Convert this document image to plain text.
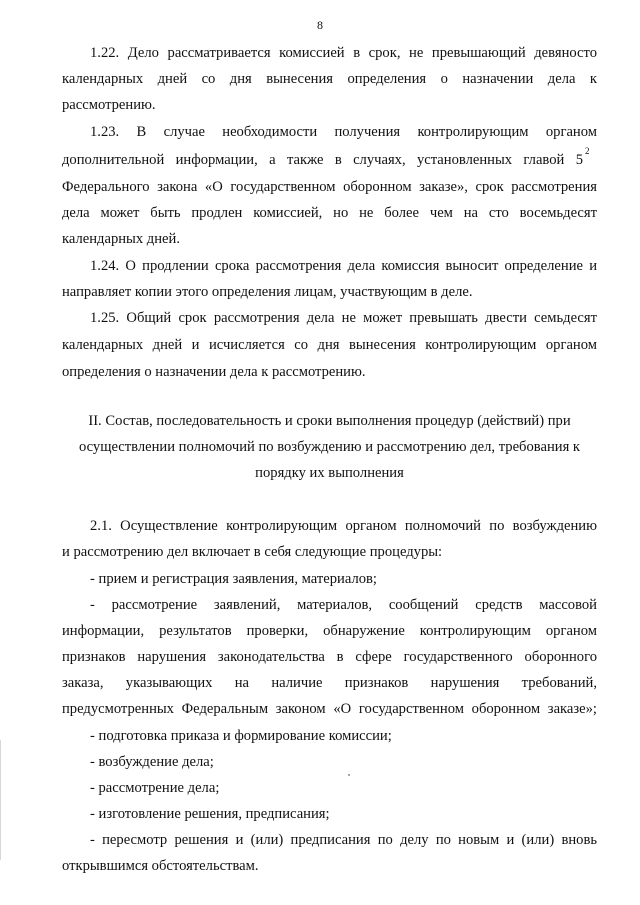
8
1.22. Дело рассматривается комиссией в срок, не превышающий девяносто
календарных дней со дня вынесения определения о назначении дела к
рассмотрению.
1.23. В случае необходимости получения контролирующим органом
дополнительной информации, а также в случаях, установленных главой 5
2
Федерального закона «О государственном оборонном заказе», срок рассмотрения
дела может быть продлен комиссией, но не более чем на сто восемьдесят
календарных дней.
1.24. О продлении срока рассмотрения дела комиссия выносит определение и
направляет копии этого определения лицам, участвующим в деле.
1.25. Общий срок рассмотрения дела не может превышать двести семьдесят
календарных дней и исчисляется со дня вынесения контролирующим органом
определения о назначении дела к рассмотрению.
II. Состав, последовательность и сроки выполнения процедур (действий) при
осуществлении полномочий по возбуждению и рассмотрению дел, требования к
порядку их выполнения
2.1. Осуществление контролирующим органом полномочий по возбуждению
и рассмотрению дел включает в себя следующие процедуры:
- прием и регистрация заявления, материалов;
- рассмотрение заявлений, материалов, сообщений средств массовой
информации, результатов проверки, обнаружение контролирующим органом
признаков нарушения законодательства в сфере государственного оборонного
заказа, указывающих на наличие признаков нарушения требований,
предусмотренных Федеральным законом «О государственном оборонном заказе»;
- подготовка приказа и формирование комиссии;
- возбуждение дела;
- рассмотрение дела;
- изготовление решения, предписания;
- пересмотр решения и (или) предписания по делу по новым и (или) вновь
открывшимся обстоятельствам.
